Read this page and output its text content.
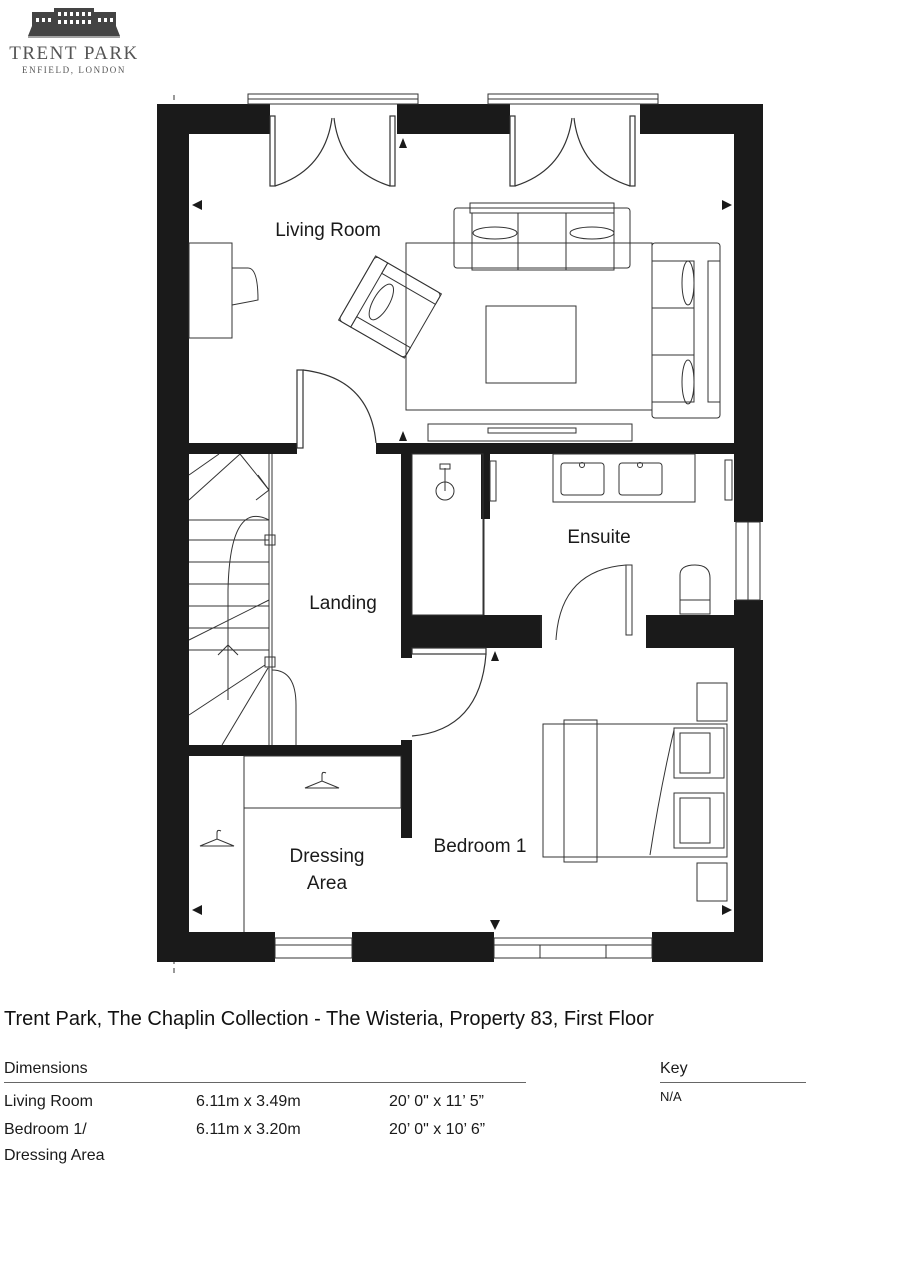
TRENT PARK
ENFIELD, LONDON
Living Room
Landing
Ensuite
Dressing
Area
Bedroom 1
Trent Park, The Chaplin Collection - The Wisteria, Property 83, First Floor
Dimensions
Living Room	6.11m x 3.49m	20’ 0" x 11’ 5”
Bedroom 1/	6.11m x 3.20m	20’ 0" x 10’ 6”
Dressing Area
Key
N/A
